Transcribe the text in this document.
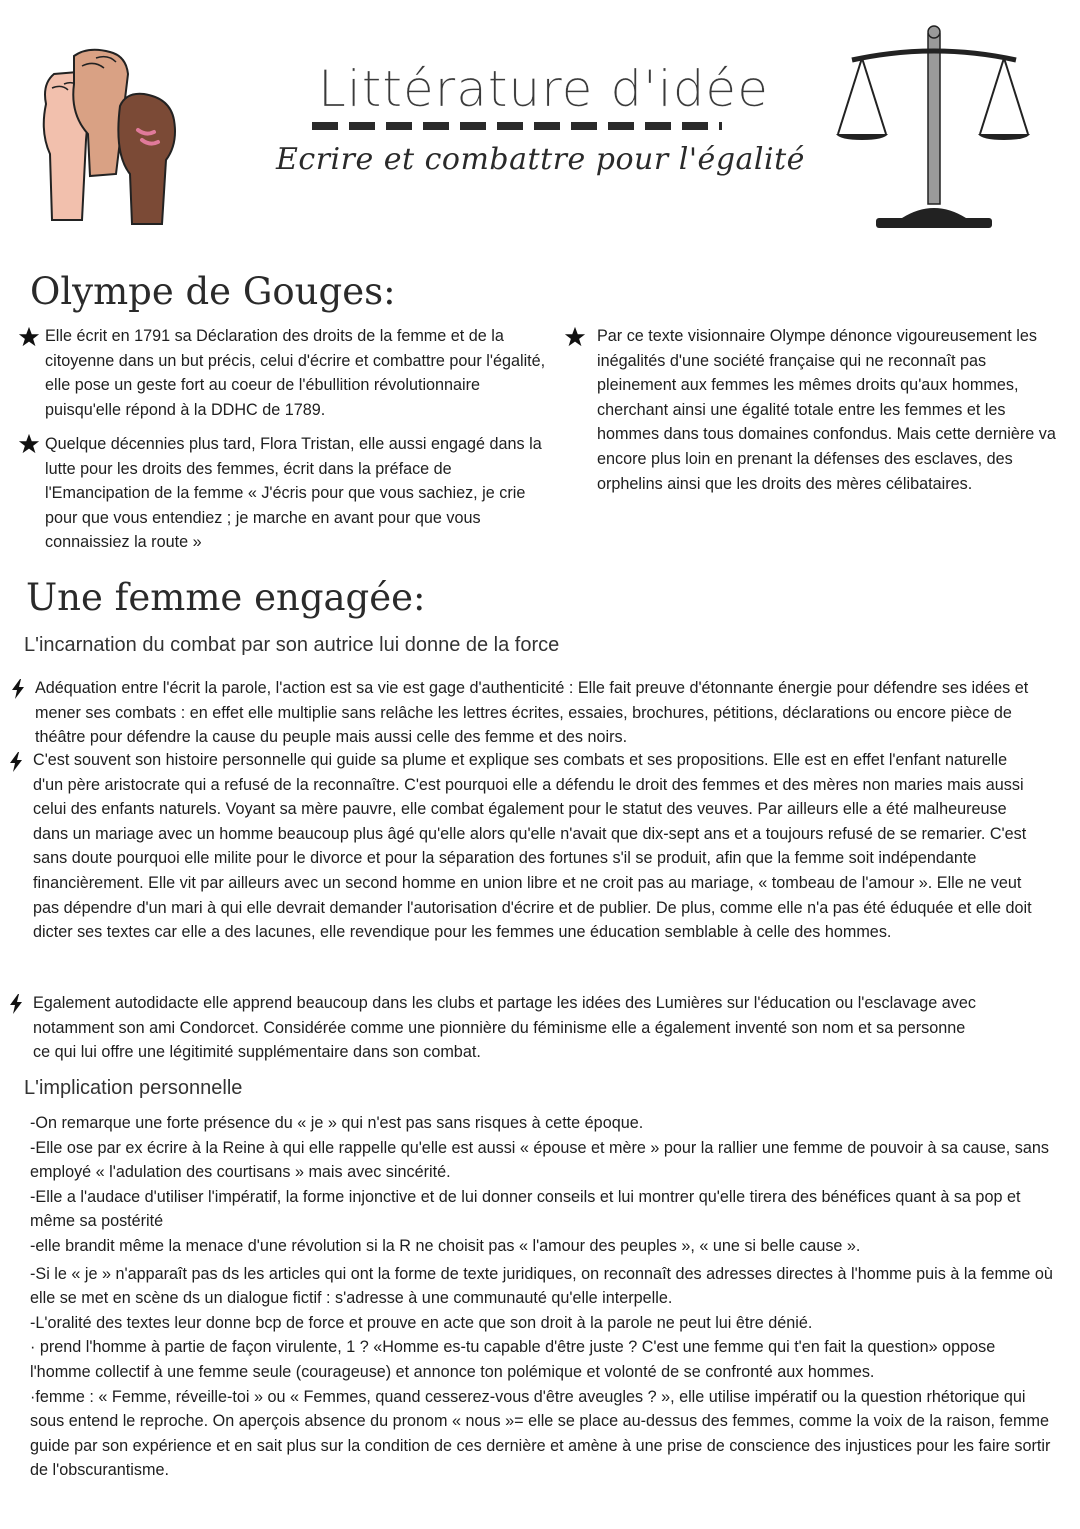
Littérature d'idée
Ecrire et combattre pour l'égalité
Olympe de Gouges:
Elle écrit en 1791 sa Déclaration des droits de la femme et de la citoyenne dans un but précis, celui d'écrire et combattre pour l'égalité, elle pose un geste fort au coeur de l'ébullition révolutionnaire puisqu'elle répond à la DDHC de 1789.
Quelque décennies plus tard, Flora Tristan, elle aussi engagé dans la lutte pour les droits des femmes, écrit dans la préface de l'Emancipation de la femme « J'écris pour que vous sachiez, je crie pour que vous entendiez ; je marche en avant pour que vous connaissiez la route »
Par ce texte visionnaire Olympe dénonce vigoureusement les inégalités d'une société française qui ne reconnaît pas pleinement aux femmes les mêmes droits qu'aux hommes, cherchant ainsi une égalité totale entre les femmes et les hommes dans tous domaines confondus. Mais cette dernière va encore plus loin en prenant la défenses des esclaves, des orphelins ainsi que les droits des mères célibataires.
Une femme engagée:
L'incarnation du combat par son autrice lui donne de la force
Adéquation entre l'écrit la parole, l'action est sa vie est gage d'authenticité : Elle fait preuve d'étonnante énergie pour défendre ses idées et mener ses combats : en effet elle multiplie sans relâche les lettres écrites, essaies, brochures, pétitions, déclarations ou encore pièce de théâtre pour défendre la cause du peuple mais aussi celle des femme et des noirs.
C'est souvent son histoire personnelle qui guide sa plume et explique ses combats et ses propositions. Elle est en effet l'enfant naturelle d'un père aristocrate qui a refusé de la reconnaître. C'est pourquoi elle a défendu le droit des femmes et des mères non maries mais aussi celui des enfants naturels. Voyant sa mère pauvre, elle combat également pour le statut des veuves. Par ailleurs elle a été malheureuse dans un mariage avec un homme beaucoup plus âgé qu'elle alors qu'elle n'avait que dix-sept ans et a toujours refusé de se remarier. C'est sans doute pourquoi elle milite pour le divorce et pour la séparation des fortunes s'il se produit, afin que la femme soit indépendante financièrement. Elle vit par ailleurs avec un second homme en union libre et ne croit pas au mariage, « tombeau de l'amour ». Elle ne veut pas dépendre d'un mari à qui elle devrait demander l'autorisation d'écrire et de publier. De plus, comme elle n'a pas été éduquée et elle doit dicter ses textes car elle a des lacunes, elle revendique pour les femmes une éducation semblable à celle des hommes.
Egalement autodidacte elle apprend beaucoup dans les clubs et partage les idées des Lumières sur l'éducation ou l'esclavage avec notamment son ami Condorcet. Considérée comme une pionnière du féminisme elle a également inventé son nom et sa personne ce qui lui offre une légitimité supplémentaire dans son combat.
L'implication personnelle
-On remarque une forte présence du « je » qui n'est pas sans risques à cette époque.
-Elle ose par ex écrire à la Reine à qui elle rappelle qu'elle est aussi « épouse et mère » pour la rallier une femme de pouvoir à sa cause, sans employé « l'adulation des courtisans » mais avec sincérité.
-Elle a l'audace d'utiliser l'impératif, la forme injonctive et de lui donner conseils et lui montrer qu'elle tirera des bénéfices quant à sa pop et même sa postérité
-elle brandit même la menace d'une révolution si la R ne choisit pas « l'amour des peuples », « une si belle cause ».
-Si le « je » n'apparaît pas ds les articles qui ont la forme de texte juridiques, on reconnaît des adresses directes à l'homme puis à la femme où elle se met en scène ds un dialogue fictif : s'adresse à une communauté qu'elle interpelle.
-L'oralité des textes leur donne bcp de force et prouve en acte que son droit à la parole ne peut lui être dénié.
· prend l'homme à partie de façon virulente, 1 ? «Homme es-tu capable d'être juste ? C'est une femme qui t'en fait la question» oppose l'homme collectif à une femme seule (courageuse) et annonce ton polémique et volonté de se confronté aux hommes.
·femme : « Femme, réveille-toi » ou « Femmes, quand cesserez-vous d'être aveugles ? », elle utilise impératif ou la question rhétorique qui sous entend le reproche. On aperçois absence du pronom « nous »= elle se place au-dessus des femmes, comme la voix de la raison, femme guide par son expérience et en sait plus sur la condition de ces dernière et amène à une prise de conscience des injustices pour les faire sortir de l'obscurantisme.
